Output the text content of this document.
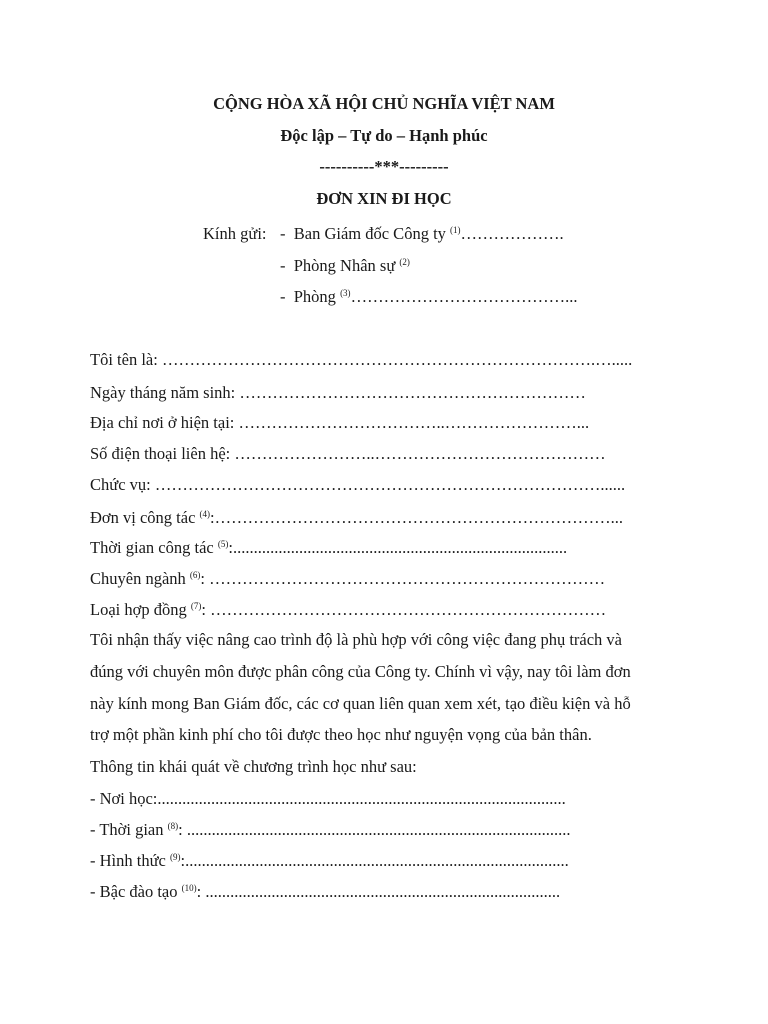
CỘNG HÒA XÃ HỘI CHỦ NGHĨA VIỆT NAM
Độc lập – Tự do – Hạnh phúc
----------***---------
ĐƠN XIN ĐI HỌC
Kính gửi: - Ban Giám đốc Công ty $^{(1)}$……………….
- Phòng Nhân sự $^{(2)}$
- Phòng $^{(3)}$…………………………………...
Tôi tên là: …………………………………………………………………….….....
Ngày tháng năm sinh: ………………………………………………………
Địa chỉ nơi ở hiện tại: ………………………………..……………………...
Số điện thoại liên hệ: ……………………..……………………………………
Chức vụ: ………………………………………………………………………......
Đơn vị công tác $^{(4)}$:………………………………………………………………...
Thời gian công tác $^{(5)}$:.................................................................................
Chuyên ngành $^{(6)}$: ………………………………………………………………
Loại hợp đồng $^{(7)}$: ………………………………………………………………
Tôi nhận thấy việc nâng cao trình độ là phù hợp với công việc đang phụ trách và
đúng với chuyên môn được phân công của Công ty. Chính vì vậy, nay tôi làm đơn
này kính mong Ban Giám đốc, các cơ quan liên quan xem xét, tạo điều kiện và hỗ
trợ một phần kinh phí cho tôi được theo học như nguyện vọng của bản thân.
Thông tin khái quát về chương trình học như sau:
- Nơi học:...................................................................................................
- Thời gian $^{(8)}$: .............................................................................................
- Hình thức $^{(9)}$:.............................................................................................
- Bậc đào tạo $^{(10)}$: ......................................................................................
